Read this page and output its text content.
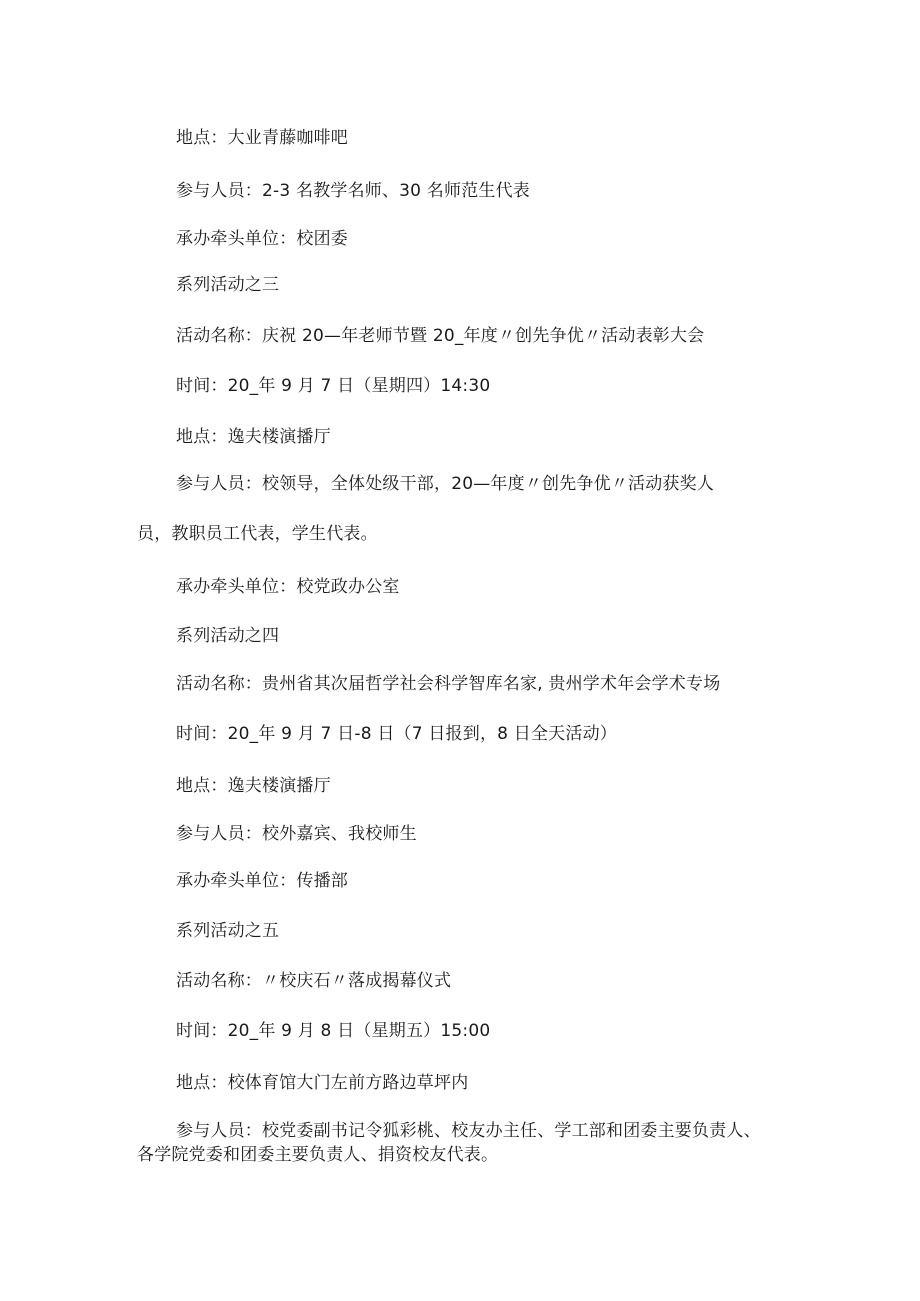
地点：大业青藤咖啡吧
参与人员：2-3 名教学名师、30 名师范生代表
承办牵头单位：校团委
系列活动之三
活动名称：庆祝 20—年老师节暨 20_年度〃创先争优〃活动表彰大会
时间：20_年 9 月 7 日（星期四）14:30
地点：逸夫楼演播厅
参与人员：校领导，全体处级干部，20—年度〃创先争优〃活动获奖人
员，教职员工代表，学生代表。
承办牵头单位：校党政办公室
系列活动之四
活动名称：贵州省其次届哲学社会科学智库名家, 贵州学术年会学术专场
时间：20_年 9 月 7 日-8 日（7 日报到，8 日全天活动）
地点：逸夫楼演播厅
参与人员：校外嘉宾、我校师生
承办牵头单位：传播部
系列活动之五
活动名称：〃校庆石〃落成揭幕仪式
时间：20_年 9 月 8 日（星期五）15:00
地点：校体育馆大门左前方路边草坪内
参与人员：校党委副书记令狐彩桃、校友办主任、学工部和团委主要负责人、
各学院党委和团委主要负责人、捐资校友代表。
